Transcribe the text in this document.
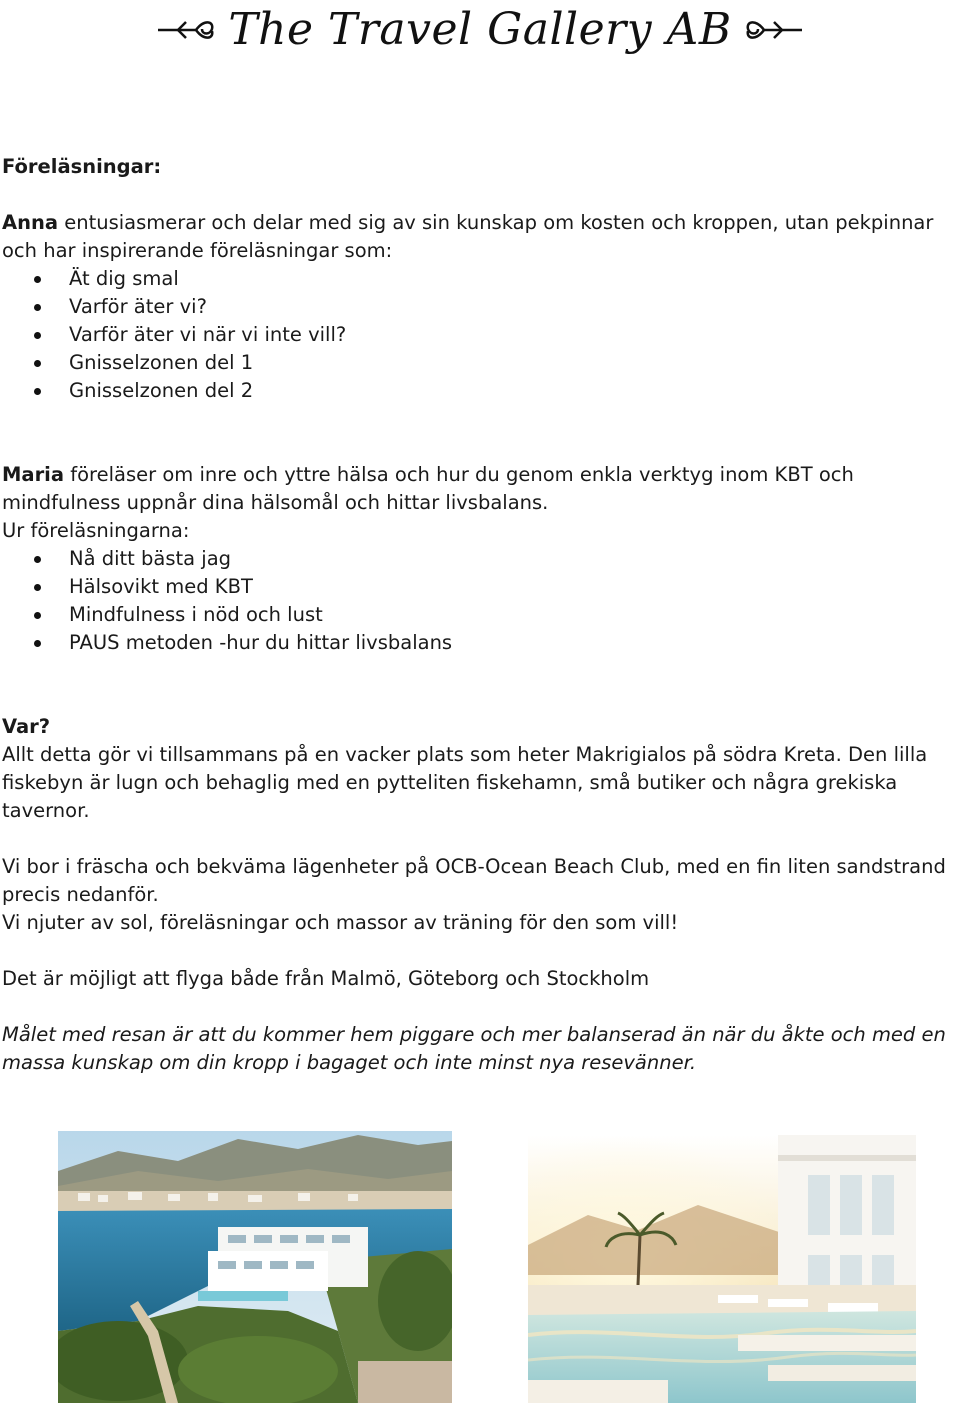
The Travel Gallery AB

Föreläsningar:

Anna entusiasmerar och delar med sig av sin kunskap om kosten och kroppen, utan pekpinnar och har inspirerande föreläsningar som:

Ät dig smal
Varför äter vi?
Varför äter vi när vi inte vill?
Gnisselzonen del 1
Gnisselzonen del 2

Maria föreläser om inre och yttre hälsa och hur du genom enkla verktyg inom KBT och mindfulness uppnår dina hälsomål och hittar livsbalans.

Ur föreläsningarna:

Nå ditt bästa jag
Hälsovikt med KBT
Mindfulness i nöd och lust
PAUS metoden -hur du hittar livsbalans

Var?

Allt detta gör vi tillsammans på en vacker plats som heter Makrigialos på södra Kreta. Den lilla fiskebyn är lugn och behaglig med en pytteliten fiskehamn, små butiker och några grekiska tavernor.

Vi bor i fräscha och bekväma lägenheter på OCB-Ocean Beach Club, med en fin liten sandstrand precis nedanför.

Vi njuter av sol, föreläsningar och massor av träning för den som vill!

Det är möjligt att flyga både från Malmö, Göteborg och Stockholm

Målet med resan är att du kommer hem piggare och mer balanserad än när du åkte och med en massa kunskap om din kropp i bagaget och inte minst nya resevänner.
